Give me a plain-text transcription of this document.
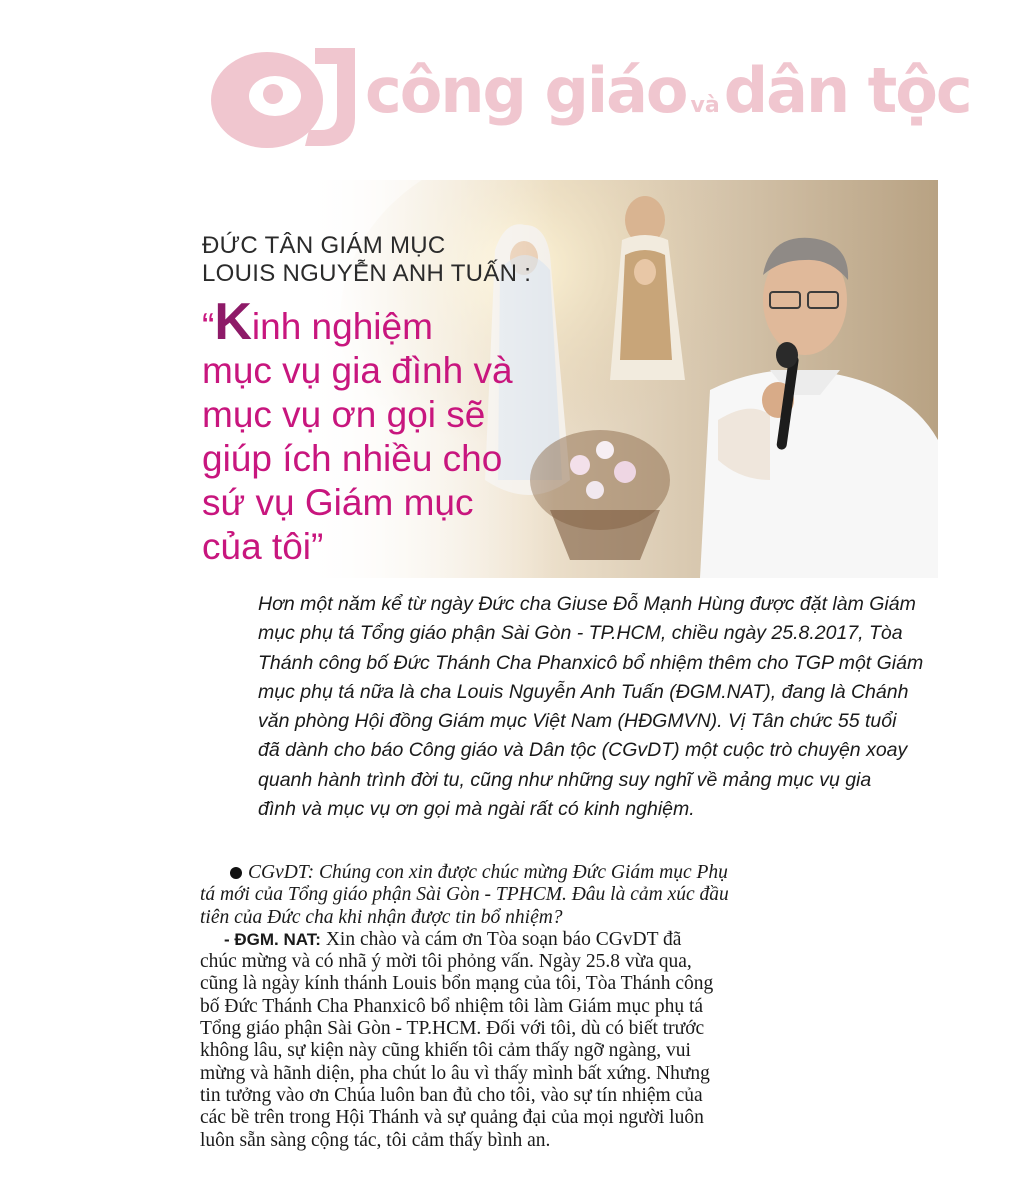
công giáo vàdân tộc
ĐỨC TÂN GIÁM MỤC
LOUIS NGUYỄN ANH TUẤN :
“Kinh nghiệm
mục vụ gia đình và
mục vụ ơn gọi sẽ
giúp ích nhiều cho
sứ vụ Giám mục
của tôi”
Hơn một năm kể từ ngày Đức cha Giuse Đỗ Mạnh Hùng được đặt làm Giám
mục phụ tá Tổng giáo phận Sài Gòn - TP.HCM, chiều ngày 25.8.2017, Tòa
Thánh công bố Đức Thánh Cha Phanxicô bổ nhiệm thêm cho TGP một Giám
mục phụ tá nữa là cha Louis Nguyễn Anh Tuấn (ĐGM.NAT), đang là Chánh
văn phòng Hội đồng Giám mục Việt Nam (HĐGMVN). Vị Tân chức 55 tuổi
đã dành cho báo Công giáo và Dân tộc (CGvDT) một cuộc trò chuyện xoay
quanh hành trình đời tu, cũng như những suy nghĩ về mảng mục vụ gia
đình và mục vụ ơn gọi mà ngài rất có kinh nghiệm.
CGvDT: Chúng con xin được chúc mừng Đức Giám mục Phụ
tá mới của Tổng giáo phận Sài Gòn - TPHCM. Đâu là cảm xúc đầu
tiên của Đức cha khi nhận được tin bổ nhiệm?
- ĐGM. NAT: Xin chào và cám ơn Tòa soạn báo CGvDT đã
chúc mừng và có nhã ý mời tôi phỏng vấn. Ngày 25.8 vừa qua,
cũng là ngày kính thánh Louis bổn mạng của tôi, Tòa Thánh công
bố Đức Thánh Cha Phanxicô bổ nhiệm tôi làm Giám mục phụ tá
Tổng giáo phận Sài Gòn - TP.HCM. Đối với tôi, dù có biết trước
không lâu, sự kiện này cũng khiến tôi cảm thấy ngỡ ngàng, vui
mừng và hãnh diện, pha chút lo âu vì thấy mình bất xứng. Nhưng
tin tưởng vào ơn Chúa luôn ban đủ cho tôi, vào sự tín nhiệm của
các bề trên trong Hội Thánh và sự quảng đại của mọi người luôn
luôn sẵn sàng cộng tác, tôi cảm thấy bình an.
